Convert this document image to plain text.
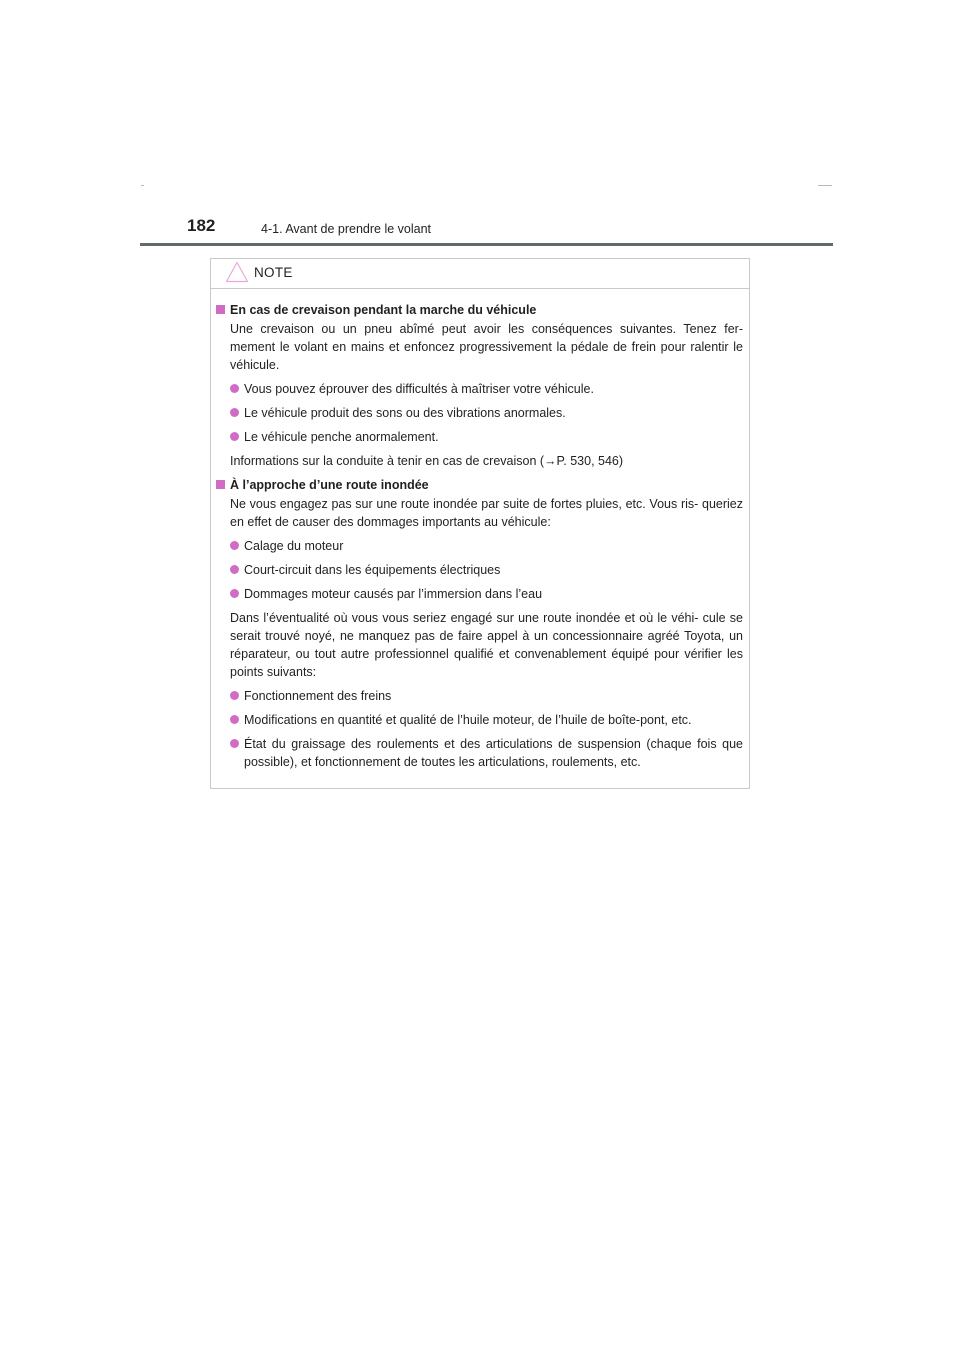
182	4-1. Avant de prendre le volant
NOTE
En cas de crevaison pendant la marche du véhicule
Une crevaison ou un pneu abîmé peut avoir les conséquences suivantes. Tenez fer- mement le volant en mains et enfoncez progressivement la pédale de frein pour ralentir le véhicule.
Vous pouvez éprouver des difficultés à maîtriser votre véhicule.
Le véhicule produit des sons ou des vibrations anormales.
Le véhicule penche anormalement.
Informations sur la conduite à tenir en cas de crevaison (→P. 530, 546)
À l’approche d’une route inondée
Ne vous engagez pas sur une route inondée par suite de fortes pluies, etc. Vous ris- queriez en effet de causer des dommages importants au véhicule:
Calage du moteur
Court-circuit dans les équipements électriques
Dommages moteur causés par l’immersion dans l’eau
Dans l’éventualité où vous vous seriez engagé sur une route inondée et où le véhi- cule se serait trouvé noyé, ne manquez pas de faire appel à un concessionnaire agréé Toyota, un réparateur, ou tout autre professionnel qualifié et convenablement équipé pour vérifier les points suivants:
Fonctionnement des freins
Modifications en quantité et qualité de l’huile moteur, de l’huile de boîte-pont, etc.
État du graissage des roulements et des articulations de suspension (chaque fois que possible), et fonctionnement de toutes les articulations, roulements, etc.
